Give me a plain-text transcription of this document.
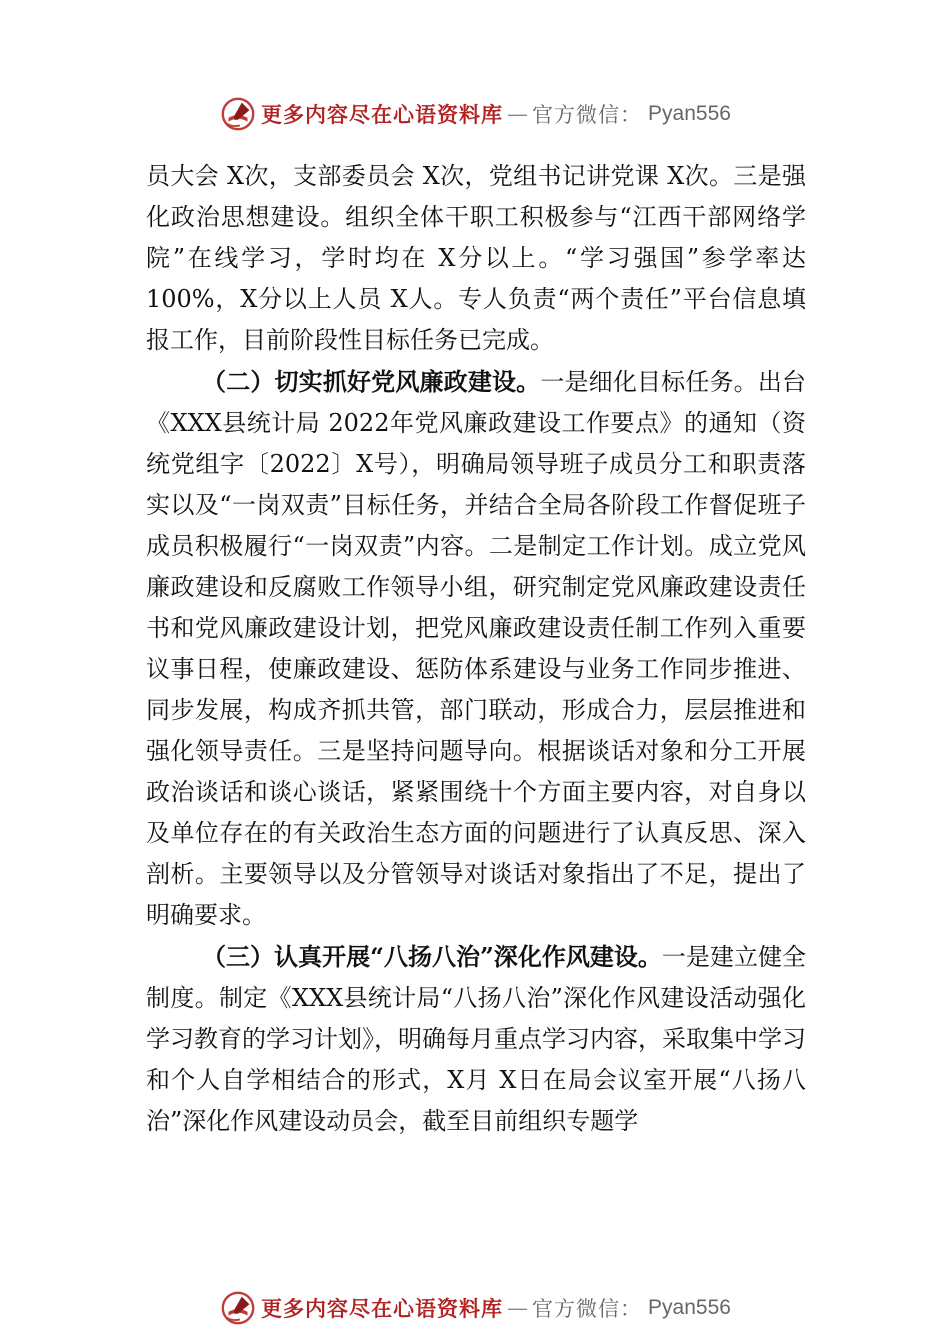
更多内容尽在心语资料库 — 官方微信： Pyan556

员大会 X次，支部委员会 X次，党组书记讲党课 X次。三是强化政治思想建设。组织全体干职工积极参与“江西干部网络学院”在线学习，学时均在 X分以上。“学习强国”参学率达 100%，X分以上人员 X人。专人负责“两个责任”平台信息填报工作，目前阶段性目标任务已完成。

（二）切实抓好党风廉政建设。一是细化目标任务。出台《XXX县统计局 2022年党风廉政建设工作要点》的通知（资统党组字〔2022〕X号），明确局领导班子成员分工和职责落实以及“一岗双责”目标任务，并结合全局各阶段工作督促班子成员积极履行“一岗双责”内容。二是制定工作计划。成立党风廉政建设和反腐败工作领导小组，研究制定党风廉政建设责任书和党风廉政建设计划，把党风廉政建设责任制工作列入重要议事日程，使廉政建设、惩防体系建设与业务工作同步推进、同步发展，构成齐抓共管，部门联动，形成合力，层层推进和强化领导责任。三是坚持问题导向。根据谈话对象和分工开展政治谈话和谈心谈话，紧紧围绕十个方面主要内容，对自身以及单位存在的有关政治生态方面的问题进行了认真反思、深入剖析。主要领导以及分管领导对谈话对象指出了不足，提出了明确要求。

（三）认真开展“八扬八治”深化作风建设。一是建立健全制度。制定《XXX县统计局“八扬八治”深化作风建设活动强化学习教育的学习计划》，明确每月重点学习内容，采取集中学习和个人自学相结合的形式，X月 X日在局会议室开展“八扬八治”深化作风建设动员会，截至目前组织专题学

更多内容尽在心语资料库 — 官方微信： Pyan556
